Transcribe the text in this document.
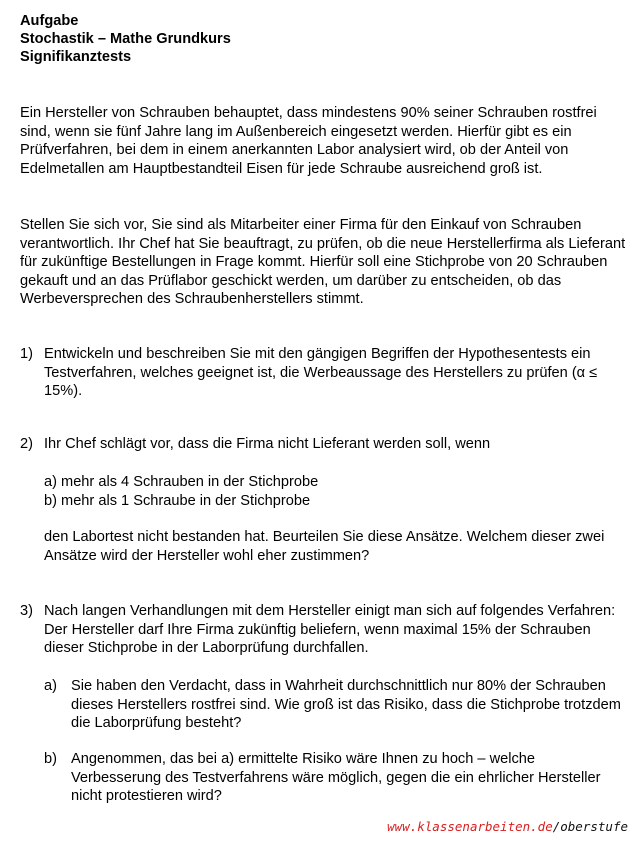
Aufgabe
Stochastik – Mathe Grundkurs
Signifikanztests
Ein Hersteller von Schrauben behauptet, dass mindestens 90% seiner Schrauben rostfrei sind, wenn sie fünf Jahre lang im Außenbereich eingesetzt werden. Hierfür gibt es ein Prüfverfahren, bei dem in einem anerkannten Labor analysiert wird, ob der Anteil von Edelmetallen am Hauptbestandteil Eisen für jede Schraube ausreichend groß ist.
Stellen Sie sich vor, Sie sind als Mitarbeiter einer Firma für den Einkauf von Schrauben verantwortlich. Ihr Chef hat Sie beauftragt, zu prüfen, ob die neue Herstellerfirma als Lieferant für zukünftige Bestellungen in Frage kommt. Hierfür soll eine Stichprobe von 20 Schrauben gekauft und an das Prüflabor geschickt werden, um darüber zu entscheiden, ob das Werbeversprechen des Schraubenherstellers stimmt.
1) Entwickeln und beschreiben Sie mit den gängigen Begriffen der Hypothesentests ein Testverfahren, welches geeignet ist, die Werbeaussage des Herstellers zu prüfen (α ≤ 15%).
2) Ihr Chef schlägt vor, dass die Firma nicht Lieferant werden soll, wenn
a) mehr als 4 Schrauben in der Stichprobe
b) mehr als 1 Schraube in der Stichprobe
den Labortest nicht bestanden hat. Beurteilen Sie diese Ansätze. Welchem dieser zwei Ansätze wird der Hersteller wohl eher zustimmen?
3) Nach langen Verhandlungen mit dem Hersteller einigt man sich auf folgendes Verfahren: Der Hersteller darf Ihre Firma zukünftig beliefern, wenn maximal 15% der Schrauben dieser Stichprobe in der Laborprüfung durchfallen.
a) Sie haben den Verdacht, dass in Wahrheit durchschnittlich nur 80% der Schrauben dieses Herstellers rostfrei sind. Wie groß ist das Risiko, dass die Stichprobe trotzdem die Laborprüfung besteht?
b) Angenommen, das bei a) ermittelte Risiko wäre Ihnen zu hoch – welche Verbesserung des Testverfahrens wäre möglich, gegen die ein ehrlicher Hersteller nicht protestieren wird?
www.klassenarbeiten.de/oberstufe
